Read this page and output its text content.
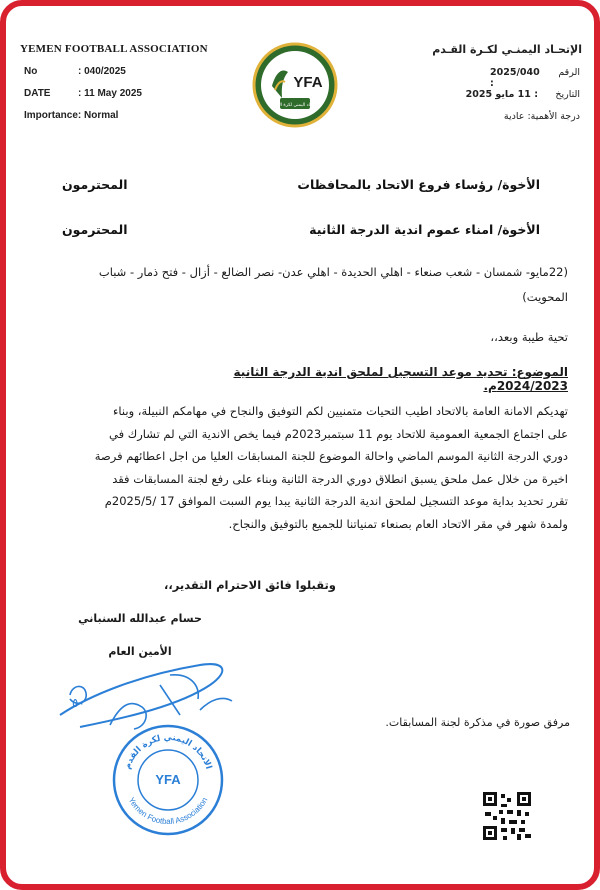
YEMEN FOOTBALL ASSOCIATION
No	: 040/2025
DATE	: 11 May 2025
Importance: Normal
YFA
الاتحاد اليمني لكرة القدم
الإتحـاد اليمنـي لكـرة القـدم
الرقم
2025/040 :
التاريخ
: 11 مايو 2025
درجة الأهمية: عادية
الأخوة/ رؤساء فروع الاتحاد بالمحافظات
المحترمون
الأخوة/ امناء عموم اندية الدرجة الثانية
المحترمون
(22مايو- شمسان - شعب صنعاء - اهلي الحديدة - اهلي عدن- نصر الضالع - أزال - فتح ذمار - شباب
المحويت)
تحية طيبة وبعد،،
الموضوع: تحديد موعد التسجيل لملحق اندية الدرجة الثانية 2024/2023م.
تهديكم الامانة العامة بالاتحاد اطيب التحيات متمنيين لكم التوفيق والنجاح في مهامكم النبيلة، وبناء
على اجتماع الجمعية العمومية للاتحاد يوم 11 سبتمبر2023م فيما يخص الاندية التي لم تشارك في
دوري الدرجة الثانية الموسم الماضي واحالة الموضوع للجنة المسابقات العليا من اجل اعطائهم فرصة
اخيرة من خلال عمل ملحق يسبق انطلاق دوري الدرجة الثانية وبناء على رفع لجنة المسابقات فقد
تقرر تحديد بداية موعد التسجيل لملحق اندية الدرجة الثانية يبدا يوم السبت الموافق 17 /2025/5م
ولمدة شهر في مقر الاتحاد العام بصنعاء تمنياتنا للجميع بالتوفيق والنجاح.
وتقبلوا فائق الاحترام التقدير،،
حسام عبدالله السنباني
الأمين العام
٥٠
الاتحاد اليمني لكرة القدم
Yemen Football Association
YFA
مرفق صورة في مذكرة لجنة المسابقات.
